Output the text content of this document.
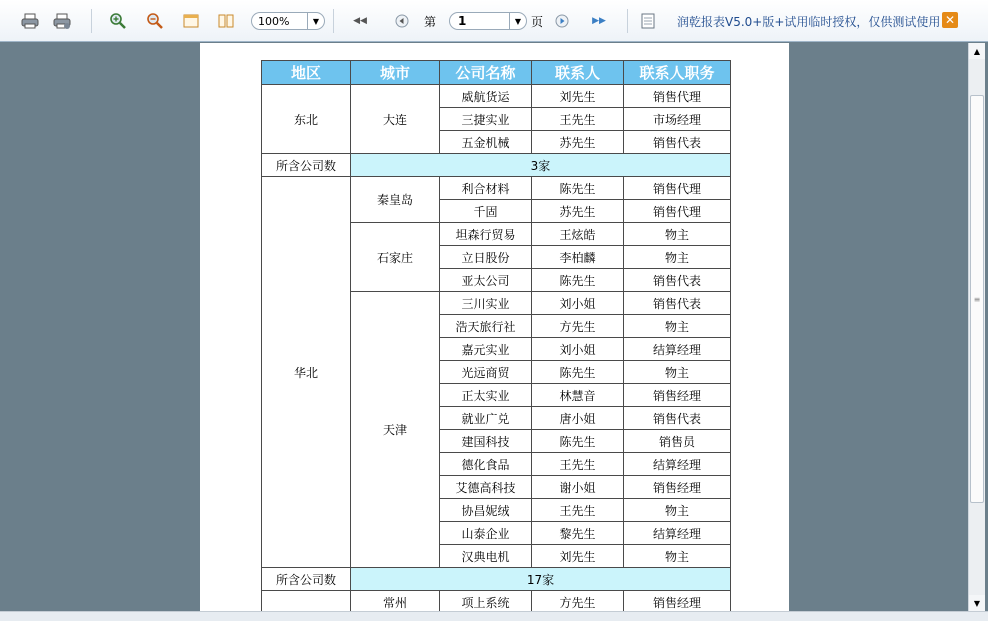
100%	▼	◀◀	第 1	▼ 页	▶▶	润乾报表V5.0+版+试用临时授权，仅供测试使用 ✕
地区	城市	公司名称	联系人	联系人职务
东北	大连	威航货运	刘先生	销售代理
		三捷实业	王先生	市场经理
		五金机械	苏先生	销售代表
所含公司数	3家			
华北	秦皇岛	利合材料	陈先生	销售代理
		千固	苏先生	销售代理
	石家庄	坦森行贸易	王炫皓	物主
		立日股份	李柏麟	物主
		亚太公司	陈先生	销售代表
	天津	三川实业	刘小姐	销售代表
		浩天旅行社	方先生	物主
		嘉元实业	刘小姐	结算经理
		光远商贸	陈先生	物主
		正太实业	林慧音	销售经理
		就业广兑	唐小姐	销售代表
		建国科技	陈先生	销售员
		德化食品	王先生	结算经理
		艾德高科技	谢小姐	销售经理
		协昌妮绒	王先生	物主
		山泰企业	黎先生	结算经理
		汉典电机	刘先生	物主
所含公司数	17家			
	常州	项上系统	方先生	销售经理
▲
≡
▼
